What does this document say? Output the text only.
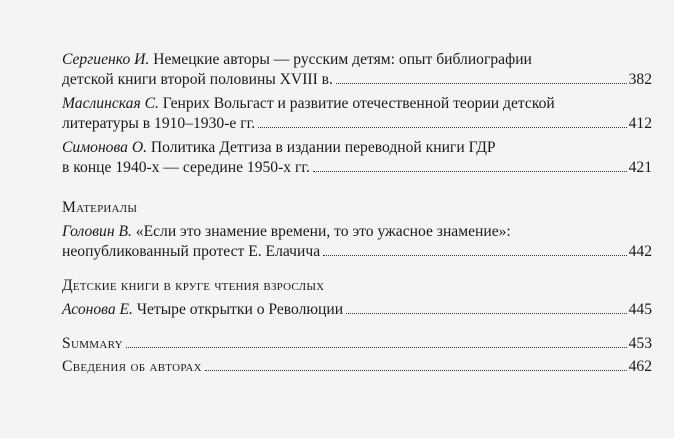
Сергиенко И. Немецкие авторы — русским детям: опыт библиографии
детской книги второй половины XVIII в.	382
Маслинская С. Генрих Вольгаст и развитие отечественной теории детской
литературы в 1910–1930-е гг.	412
Симонова О. Политика Детгиза в издании переводной книги ГДР
в конце 1940-х — середине 1950-х гг.	421
Материалы
Головин В. «Если это знамение времени, то это ужасное знамение»:
неопубликованный протест Е. Елачича	442
Детские книги в круге чтения взрослых
Асонова Е. Четыре открытки о Революции	445
Summary	453
Сведения об авторах	462
